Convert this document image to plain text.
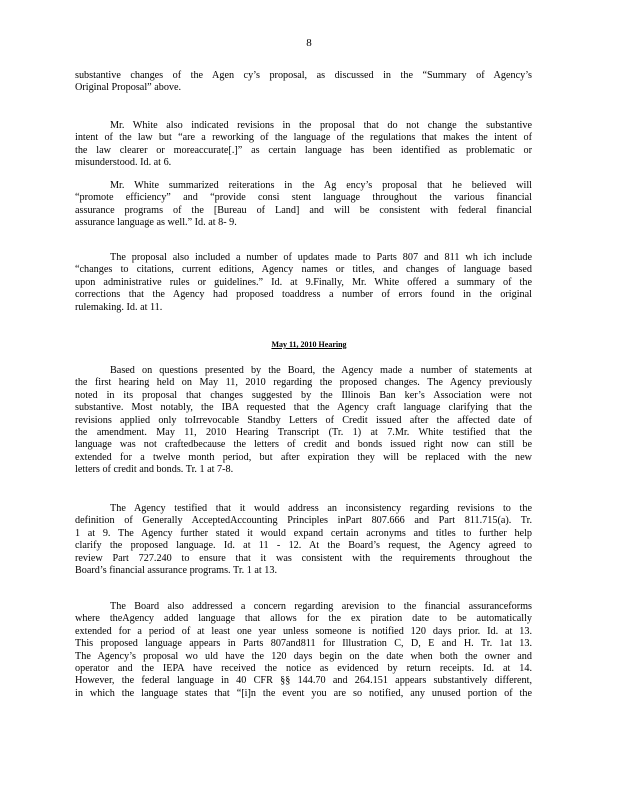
8
substantive changes of the Agen cy’s proposal, as discussed in the “Summary of Agency’s
Original Proposal” above.
Mr. White also indicated revisions in the proposal that do not change the substantive
intent of the law but “are a reworking of the language of the regulations that makes the intent of
the law clearer or moreaccurate[.]” as certain language has been identified as problematic or
misunderstood. Id. at 6.
Mr. White summarized reiterations in the Ag ency’s proposal that he believed will
“promote efficiency” and “provide consi stent language throughout the various financial
assurance programs of the [Bureau of Land] and will be consistent with federal financial
assurance language as well.” Id. at 8- 9.
The proposal also included a number of updates made to Parts 807 and 811 wh ich include
“changes to citations, current editions, Agency names or titles, and changes of language based
upon administrative rules or guidelines.” Id. at 9.Finally, Mr. White offered a summary of the
corrections that the Agency had proposed toaddress a number of errors found in the original
rulemaking. Id. at 11.
May 11, 2010 Hearing
Based on questions presented by the Board, the Agency made a number of statements at
the first hearing held on May 11, 2010 regarding the proposed changes. The Agency previously
noted in its proposal that changes suggested by the Illinois Ban ker’s Association were not
substantive. Most notably, the IBA requested that the Agency craft language clarifying that the
revisions applied only toIrrevocable Standby Letters of Credit issued after the affected date of
the amendment. May 11, 2010 Hearing Transcript (Tr. 1) at 7.Mr. White testified that the
language was not craftedbecause the letters of credit and bonds issued right now can still be
extended for a twelve month period, but after expiration they will be replaced with the new
letters of credit and bonds. Tr. 1 at 7-8.
The Agency testified that it would address an inconsistency regarding revisions to the
definition of Generally AcceptedAccounting Principles inPart 807.666 and Part 811.715(a). Tr.
1 at 9. The Agency further stated it would expand certain acronyms and titles to further help
clarify the proposed language. Id. at 11 - 12. At the Board’s request, the Agency agreed to
review Part 727.240 to ensure that it was consistent with the requirements throughout the
Board’s financial assurance programs. Tr. 1 at 13.
The Board also addressed a concern regarding arevision to the financial assuranceforms
where theAgency added language that allows for the ex piration date to be automatically
extended for a period of at least one year unless someone is notified 120 days prior. Id. at 13.
This proposed language appears in Parts 807and811 for Illustration C, D, E and H. Tr. 1at 13.
The Agency’s proposal wo uld have the 120 days begin on the date when both the owner and
operator and the IEPA have received the notice as evidenced by return receipts. Id. at 14.
However, the federal language in 40 CFR §§ 144.70 and 264.151 appears substantively different,
in which the language states that “[i]n the event you are so notified, any unused portion of the
